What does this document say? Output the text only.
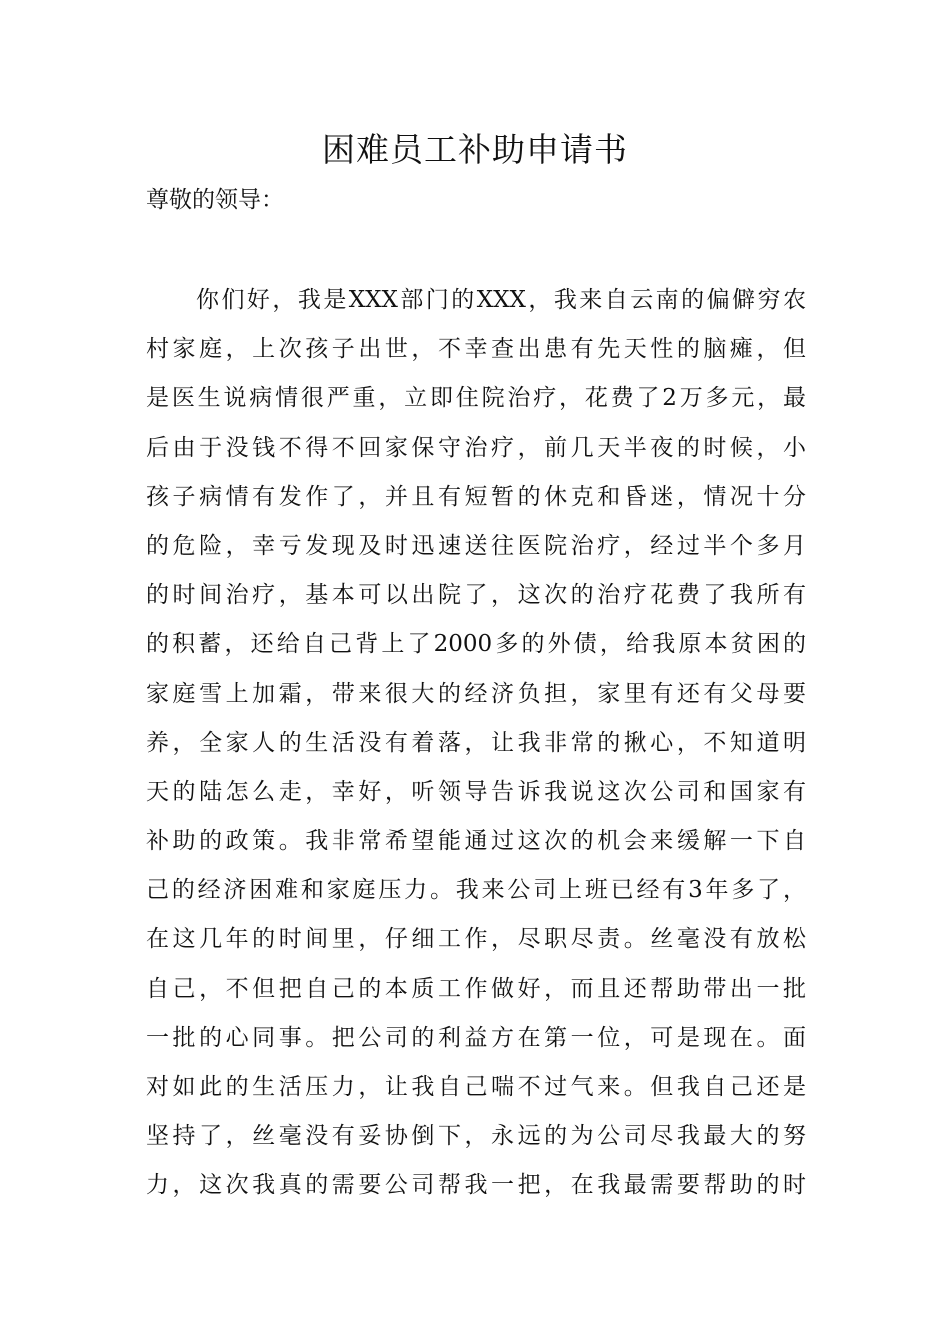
困难员工补助申请书
尊敬的领导：
你们好，我是XXX部门的XXX，我来自云南的偏僻穷农
村家庭，上次孩子出世，不幸查出患有先天性的脑瘫，但
是医生说病情很严重，立即住院治疗，花费了2万多元，最
后由于没钱不得不回家保守治疗，前几天半夜的时候，小
孩子病情有发作了，并且有短暂的休克和昏迷，情况十分
的危险，幸亏发现及时迅速送往医院治疗，经过半个多月
的时间治疗，基本可以出院了，这次的治疗花费了我所有
的积蓄，还给自己背上了2000多的外债，给我原本贫困的
家庭雪上加霜，带来很大的经济负担，家里有还有父母要
养，全家人的生活没有着落，让我非常的揪心，不知道明
天的陆怎么走，幸好，听领导告诉我说这次公司和国家有
补助的政策。我非常希望能通过这次的机会来缓解一下自
己的经济困难和家庭压力。我来公司上班已经有3年多了，
在这几年的时间里，仔细工作，尽职尽责。丝毫没有放松
自己，不但把自己的本质工作做好，而且还帮助带出一批
一批的心同事。把公司的利益方在第一位，可是现在。面
对如此的生活压力，让我自己喘不过气来。但我自己还是
坚持了，丝毫没有妥协倒下，永远的为公司尽我最大的努
力，这次我真的需要公司帮我一把，在我最需要帮助的时
